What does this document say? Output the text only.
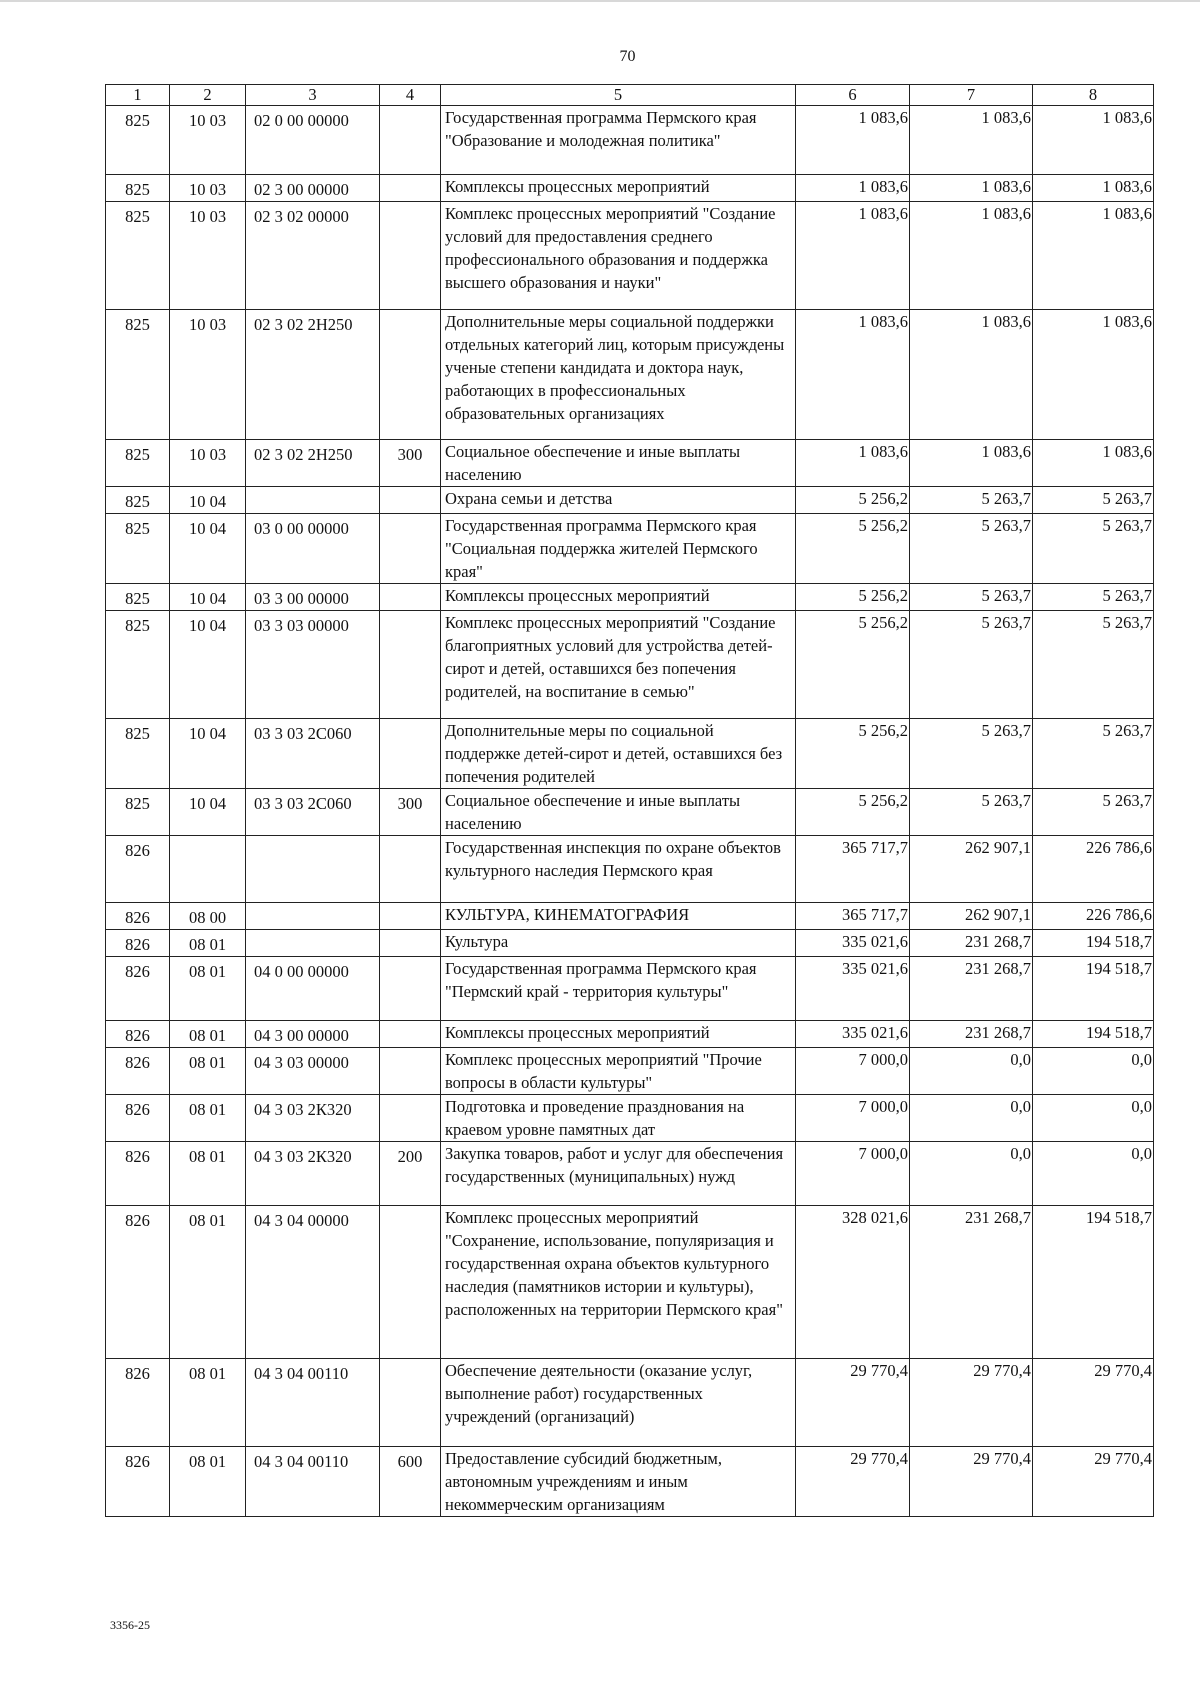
70
1	2	3	4	5	6	7	8
825	10 03	02 0 00 00000		Государственная программа Пермского края "Образование и молодежная политика"	1 083,6	1 083,6	1 083,6
825	10 03	02 3 00 00000		Комплексы процессных мероприятий	1 083,6	1 083,6	1 083,6
825	10 03	02 3 02 00000		Комплекс процессных мероприятий "Создание условий для предоставления среднего профессионального образования и поддержка высшего образования и науки"	1 083,6	1 083,6	1 083,6
825	10 03	02 3 02 2Н250		Дополнительные меры социальной поддержки отдельных категорий лиц, которым присуждены ученые степени кандидата и доктора наук, работающих в профессиональных образовательных организациях	1 083,6	1 083,6	1 083,6
825	10 03	02 3 02 2Н250	300	Социальное обеспечение и иные выплаты населению	1 083,6	1 083,6	1 083,6
825	10 04			Охрана семьи и детства	5 256,2	5 263,7	5 263,7
825	10 04	03 0 00 00000		Государственная программа Пермского края "Социальная поддержка жителей Пермского края"	5 256,2	5 263,7	5 263,7
825	10 04	03 3 00 00000		Комплексы процессных мероприятий	5 256,2	5 263,7	5 263,7
825	10 04	03 3 03 00000		Комплекс процессных мероприятий "Создание благоприятных условий для устройства детей-сирот и детей, оставшихся без попечения родителей, на воспитание в семью"	5 256,2	5 263,7	5 263,7
825	10 04	03 3 03 2С060		Дополнительные меры по социальной поддержке детей-сирот и детей, оставшихся без попечения родителей	5 256,2	5 263,7	5 263,7
825	10 04	03 3 03 2С060	300	Социальное обеспечение и иные выплаты населению	5 256,2	5 263,7	5 263,7
826				Государственная инспекция по охране объектов культурного наследия Пермского края	365 717,7	262 907,1	226 786,6
826	08 00			КУЛЬТУРА, КИНЕМАТОГРАФИЯ	365 717,7	262 907,1	226 786,6
826	08 01			Культура	335 021,6	231 268,7	194 518,7
826	08 01	04 0 00 00000		Государственная программа Пермского края "Пермский край - территория культуры"	335 021,6	231 268,7	194 518,7
826	08 01	04 3 00 00000		Комплексы процессных мероприятий	335 021,6	231 268,7	194 518,7
826	08 01	04 3 03 00000		Комплекс процессных мероприятий "Прочие вопросы в области культуры"	7 000,0	0,0	0,0
826	08 01	04 3 03 2К320		Подготовка и проведение празднования на краевом уровне памятных дат	7 000,0	0,0	0,0
826	08 01	04 3 03 2К320	200	Закупка товаров, работ и услуг для обеспечения государственных (муниципальных) нужд	7 000,0	0,0	0,0
826	08 01	04 3 04 00000		Комплекс процессных мероприятий "Сохранение, использование, популяризация и государственная охрана объектов культурного наследия (памятников истории и культуры), расположенных на территории Пермского края"	328 021,6	231 268,7	194 518,7
826	08 01	04 3 04 00110		Обеспечение деятельности (оказание услуг, выполнение работ) государственных учреждений (организаций)	29 770,4	29 770,4	29 770,4
826	08 01	04 3 04 00110	600	Предоставление субсидий бюджетным, автономным учреждениям и иным некоммерческим организациям	29 770,4	29 770,4	29 770,4
3356-25
